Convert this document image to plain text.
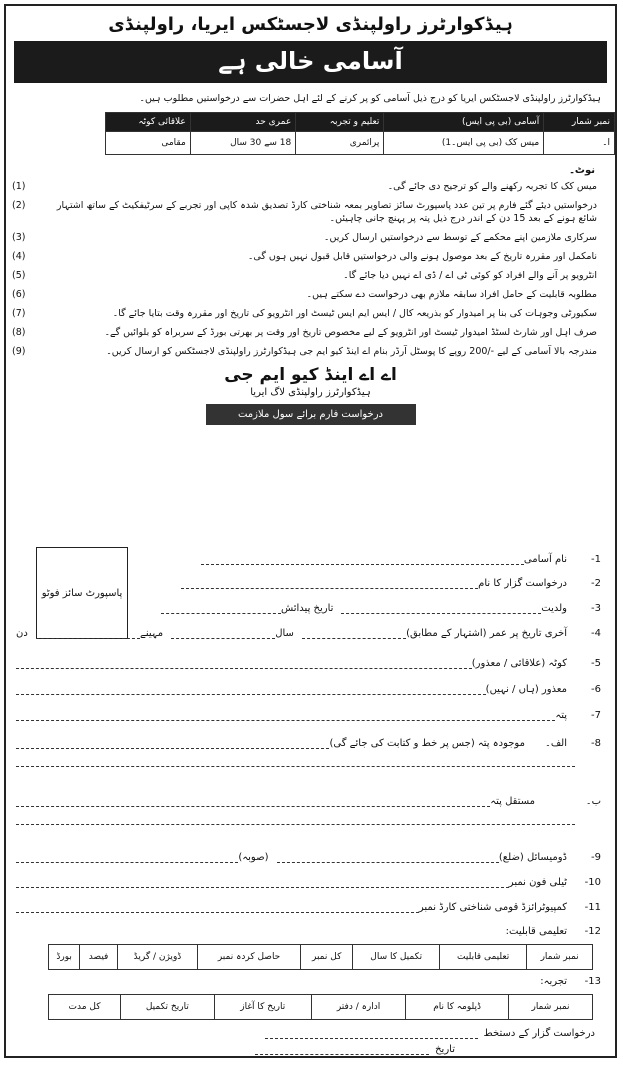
ہیڈکوارٹرز راولپنڈی لاجسٹکس ایریا، راولپنڈی
آسامی خالی ہے
ہیڈکوارٹرز راولپنڈی لاجسٹکس ایریا کو درج ذیل آسامی کو پر کرنے کے لئے اہل حضرات سے درخواستیں مطلوب ہیں۔
نمبر شمار	آسامی (بی پی ایس)	تعلیم و تجربہ	عمری حد	علاقائی کوٹہ
ا۔	میس کک (بی پی ایس۔1)	پرائمری	18 سے 30 سال	مقامی
نوٹ۔
میس کک کا تجربہ رکھنے والے کو ترجیح دی جائے گی۔
(1)
درخواستیں دیئے گئے فارم پر تین عدد پاسپورٹ سائز تصاویر بمعہ شناختی کارڈ تصدیق شدہ کاپی اور تجربے کے سرٹیفکیٹ کے ساتھ اشتہار شائع ہونے کے بعد 15 دن کے اندر درج ذیل پتہ پر پہنچ جانی چاہیئں۔
(2)
سرکاری ملازمین اپنے محکمے کے توسط سے درخواستیں ارسال کریں۔
(3)
نامکمل اور مقررہ تاریخ کے بعد موصول ہونے والی درخواستیں قابل قبول نہیں ہوں گی۔
(4)
انٹرویو پر آنے والے افراد کو کوئی ٹی اے / ڈی اے نہیں دیا جائے گا۔
(5)
مطلوبہ قابلیت کے حامل افراد سابقہ ملازم بھی درخواست دے سکتے ہیں۔
(6)
سکیورٹی وجوہات کی بنا پر امیدوار کو بذریعہ کال / ایس ایم ایس ٹیسٹ اور انٹرویو کی تاریخ اور مقررہ وقت بتایا جائے گا۔
(7)
صرف اہل اور شارٹ لسٹڈ امیدوار ٹیسٹ اور انٹرویو کے لیے مخصوص تاریخ اور وقت پر بھرتی بورڈ کے سربراہ کو بلوائیں گے۔
(8)
مندرجہ بالا آسامی کے لیے -/200 روپے کا پوسٹل آرڈر بنام اے اینڈ کیو ایم جی ہیڈکوارٹرز راولپنڈی لاجسٹکس کو ارسال کریں۔
(9)
اے اے اینڈ کیو ایم جی
ہیڈکوارٹرز راولپنڈی لاگ ایریا
درخواست فارم برائے سول ملازمت
پاسپورٹ سائز فوٹو
-1
نام آسامی
-2
درخواست گزار کا نام
-3
ولدیت
تاریخ پیدائش
-4
آخری تاریخ پر عمر (اشتہار کے مطابق)
سال
مہینے
دن
-5
کوٹہ (علاقائی / معذور)
-6
معذور (ہاں / نہیں)
-7
پتہ
-8
الف۔
موجودہ پتہ (جس پر خط و کتابت کی جائے گی)
ب۔
مستقل پتہ
-9
ڈومیسائل (ضلع)
(صوبہ)
-10
ٹیلی فون نمبر
-11
کمپیوٹرائزڈ قومی شناختی کارڈ نمبر
-12
تعلیمی قابلیت:
نمبر شمار	تعلیمی قابلیت	تکمیل کا سال	کل نمبر	حاصل کردہ نمبر	ڈویژن / گریڈ	فیصد	بورڈ
-13
تجربہ:
نمبر شمار	ڈپلومہ کا نام	ادارہ / دفتر	تاریخ کا آغاز	تاریخ تکمیل	کل مدت
درخواست گزار کے دستخط
تاریخ
